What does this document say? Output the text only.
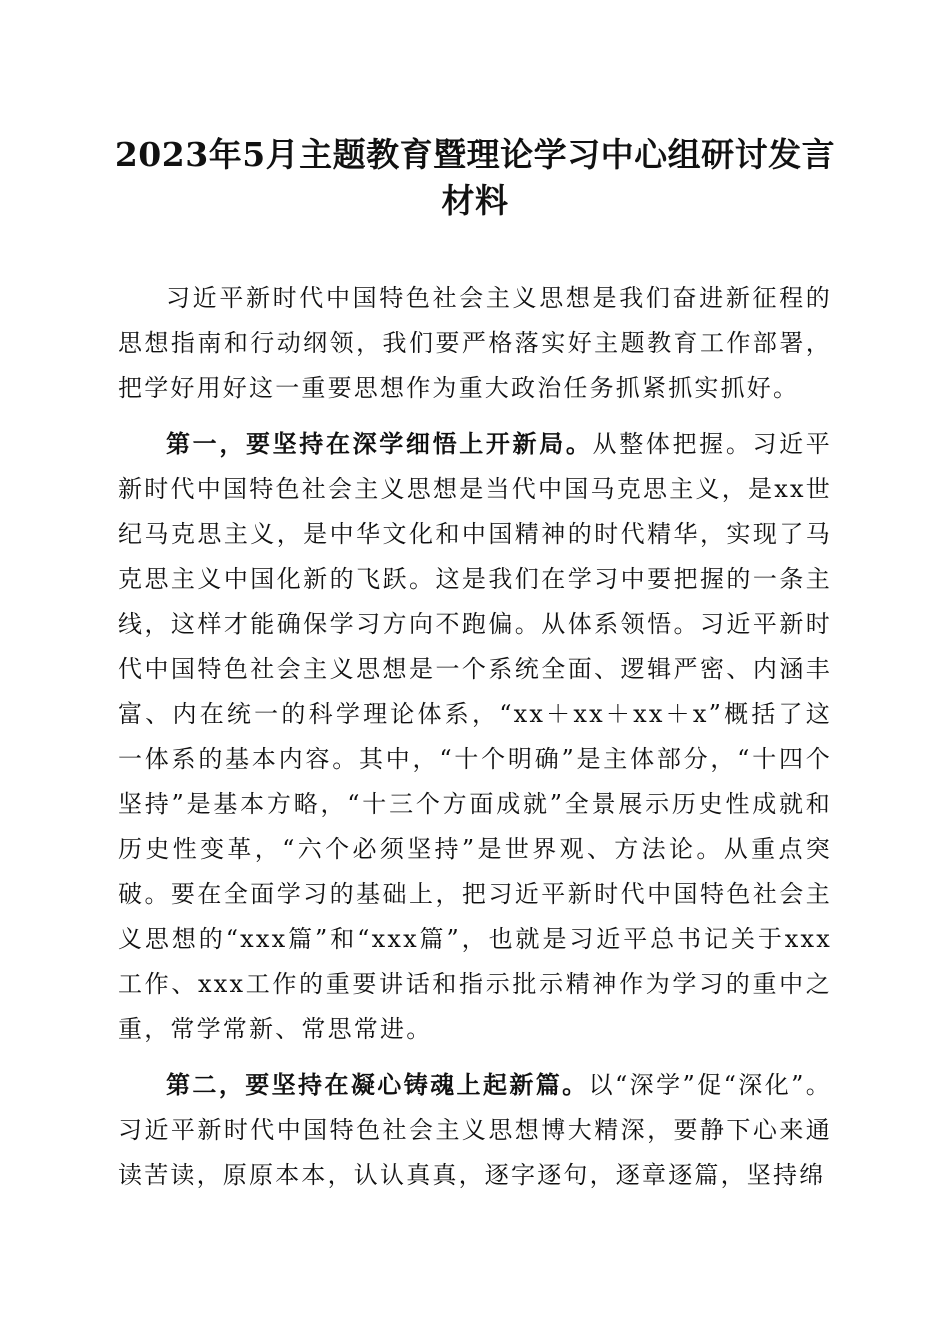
2023年5月主题教育暨理论学习中心组研讨发言材料

习近平新时代中国特色社会主义思想是我们奋进新征程的思想指南和行动纲领，我们要严格落实好主题教育工作部署，把学好用好这一重要思想作为重大政治任务抓紧抓实抓好。

第一，要坚持在深学细悟上开新局。从整体把握。习近平新时代中国特色社会主义思想是当代中国马克思主义，是xx世纪马克思主义，是中华文化和中国精神的时代精华，实现了马克思主义中国化新的飞跃。这是我们在学习中要把握的一条主线，这样才能确保学习方向不跑偏。从体系领悟。习近平新时代中国特色社会主义思想是一个系统全面、逻辑严密、内涵丰富、内在统一的科学理论体系，“xx＋xx＋xx＋x”概括了这一体系的基本内容。其中，“十个明确”是主体部分，“十四个坚持”是基本方略，“十三个方面成就”全景展示历史性成就和历史性变革，“六个必须坚持”是世界观、方法论。从重点突破。要在全面学习的基础上，把习近平新时代中国特色社会主义思想的“xxx篇”和“xxx篇”，也就是习近平总书记关于xxx工作、xxx工作的重要讲话和指示批示精神作为学习的重中之重，常学常新、常思常进。

第二，要坚持在凝心铸魂上起新篇。以“深学”促“深化”。习近平新时代中国特色社会主义思想博大精深，要静下心来通读苦读，原原本本，认认真真，逐字逐句，逐章逐篇，坚持绵
